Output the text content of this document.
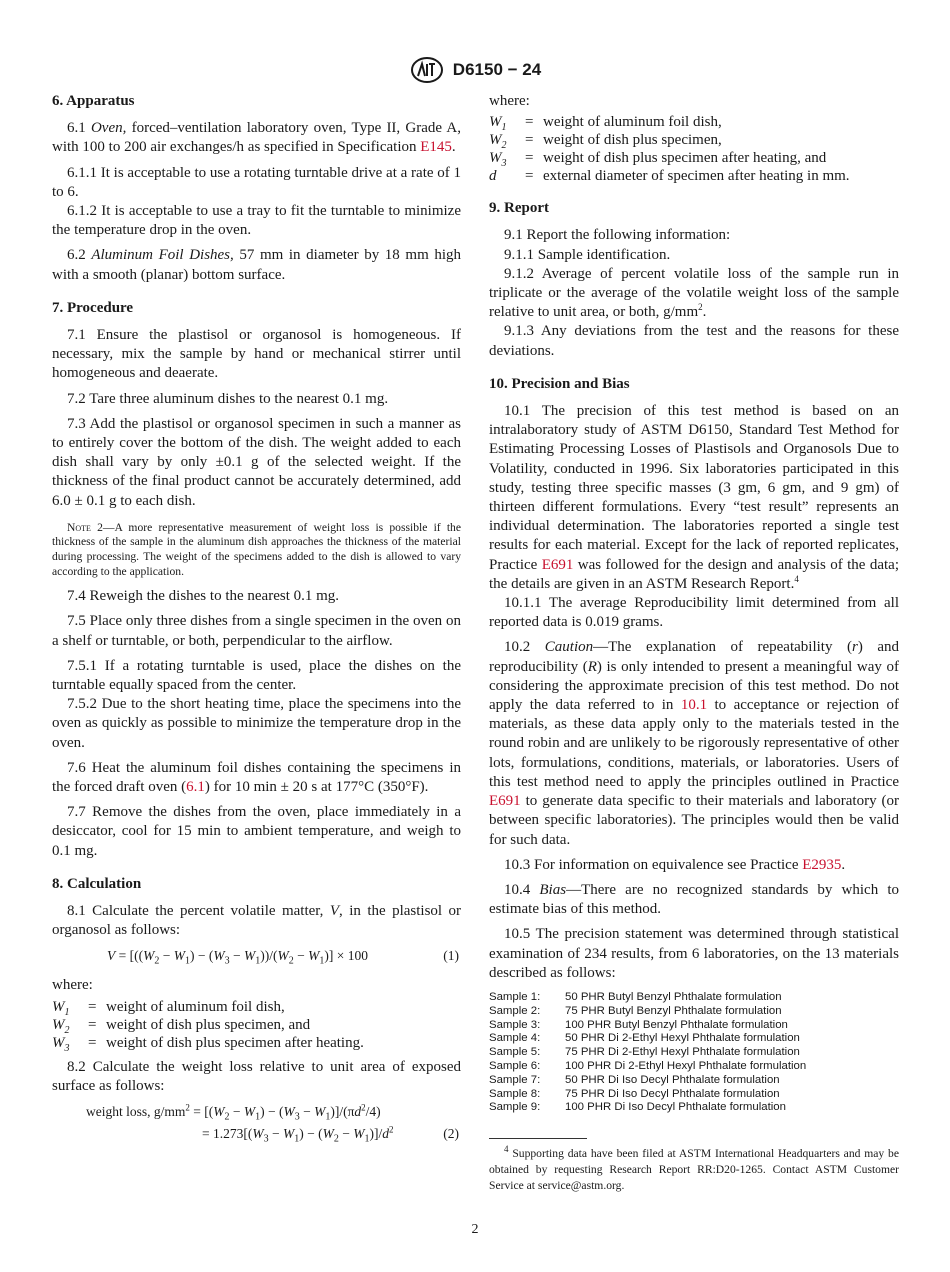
D6150 − 24
6. Apparatus

6.1 Oven, forced–ventilation laboratory oven, Type II, Grade A, with 100 to 200 air exchanges/h as specified in Specification E145.

6.1.1 It is acceptable to use a rotating turntable drive at a rate of 1 to 6.

6.1.2 It is acceptable to use a tray to fit the turntable to minimize the temperature drop in the oven.

6.2 Aluminum Foil Dishes, 57 mm in diameter by 18 mm high with a smooth (planar) bottom surface.

7. Procedure

7.1 Ensure the plastisol or organosol is homogeneous. If necessary, mix the sample by hand or mechanical stirrer until homogeneous and deaerate.

7.2 Tare three aluminum dishes to the nearest 0.1 mg.

7.3 Add the plastisol or organosol specimen in such a manner as to entirely cover the bottom of the dish. The weight added to each dish shall vary by only ±0.1 g of the selected weight. If the thickness of the final product cannot be accurately determined, add 6.0 ± 0.1 g to each dish.

Note 2—A more representative measurement of weight loss is possible if the thickness of the sample in the aluminum dish approaches the thickness of the material during processing. The weight of the specimens added to the dish is allowed to vary according to the application.

7.4 Reweigh the dishes to the nearest 0.1 mg.

7.5 Place only three dishes from a single specimen in the oven on a shelf or turntable, or both, perpendicular to the airflow.

7.5.1 If a rotating turntable is used, place the dishes on the turntable equally spaced from the center.

7.5.2 Due to the short heating time, place the specimens into the oven as quickly as possible to minimize the temperature drop in the oven.

7.6 Heat the aluminum foil dishes containing the specimens in the forced draft oven (6.1) for 10 min ± 20 s at 177°C (350°F).

7.7 Remove the dishes from the oven, place immediately in a desiccator, cool for 15 min to ambient temperature, and weigh to 0.1 mg.

8. Calculation

8.1 Calculate the percent volatile matter, V, in the plastisol or organosol as follows:

$V = [((W_2 - W_1) - (W_3 - W_1))/(W_2 - W_1)] \times 100$	(1)

where:

$W_1$	=	weight of aluminum foil dish,
$W_2$	=	weight of dish plus specimen, and
$W_3$	=	weight of dish plus specimen after heating.

8.2 Calculate the weight loss relative to unit area of exposed surface as follows:

weight loss, $g/mm^2 = [(W_2 - W_1) - (W_3 - W_1)]/(\pi d^2/4)$
= $1.273[(W_3 - W_1) - (W_2 - W_1)]/d^2$	(2)

where:

$W_1$	=	weight of aluminum foil dish,
$W_2$	=	weight of dish plus specimen,
$W_3$	=	weight of dish plus specimen after heating, and
d	=	external diameter of specimen after heating in mm.
9. Report

9.1 Report the following information:

9.1.1 Sample identification.

9.1.2 Average of percent volatile loss of the sample run in triplicate or the average of the volatile weight loss of the sample relative to unit area, or both, $g/mm^2$.

9.1.3 Any deviations from the test and the reasons for these deviations.

10. Precision and Bias

10.1 The precision of this test method is based on an intralaboratory study of ASTM D6150, Standard Test Method for Estimating Processing Losses of Plastisols and Organosols Due to Volatility, conducted in 1996. Six laboratories participated in this study, testing three specific masses (3 gm, 6 gm, and 9 gm) of thirteen different formulations. Every “test result” represents an individual determination. The laboratories reported a single test results for each material. Except for the lack of reported replicates, Practice E691 was followed for the design and analysis of the data; the details are given in an ASTM Research Report.$^4$

10.1.1 The average Reproducibility limit determined from all reported data is 0.019 grams.

10.2 Caution—The explanation of repeatability (r) and reproducibility (R) is only intended to present a meaningful way of considering the approximate precision of this test method. Do not apply the data referred to in 10.1 to acceptance or rejection of materials, as these data apply only to the materials tested in the round robin and are unlikely to be rigorously representative of other lots, formulations, conditions, materials, or laboratories. Users of this test method need to apply the principles outlined in Practice E691 to generate data specific to their materials and laboratory (or between specific laboratories). The principles would then be valid for such data.

10.3 For information on equivalence see Practice E2935.

10.4 Bias—There are no recognized standards by which to estimate bias of this method.

10.5 The precision statement was determined through statistical examination of 234 results, from 6 laboratories, on the 13 materials described as follows:

Sample 1:	50 PHR Butyl Benzyl Phthalate formulation
Sample 2:	75 PHR Butyl Benzyl Phthalate formulation
Sample 3:	100 PHR Butyl Benzyl Phthalate formulation
Sample 4:	50 PHR Di 2-Ethyl Hexyl Phthalate formulation
Sample 5:	75 PHR Di 2-Ethyl Hexyl Phthalate formulation
Sample 6:	100 PHR Di 2-Ethyl Hexyl Phthalate formulation
Sample 7:	50 PHR Di Iso Decyl Phthalate formulation
Sample 8:	75 PHR Di Iso Decyl Phthalate formulation
Sample 9:	100 PHR Di Iso Decyl Phthalate formulation
$^4$ Supporting data have been filed at ASTM International Headquarters and may be obtained by requesting Research Report RR:D20-1265. Contact ASTM Customer Service at service@astm.org.
2
